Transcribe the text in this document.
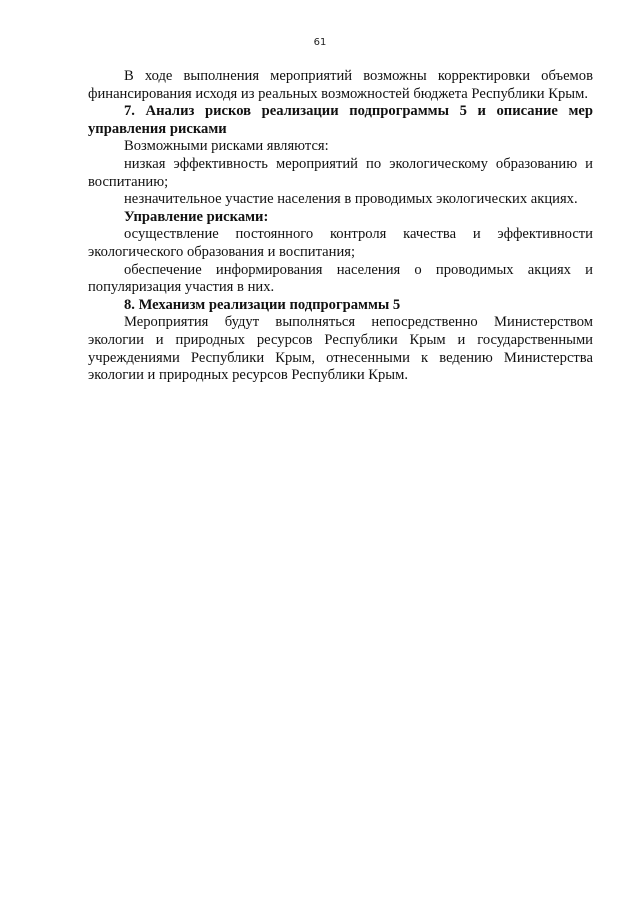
61

В ходе выполнения мероприятий возможны корректировки объемов финансирования исходя из реальных возможностей бюджета Республики Крым.

7. Анализ рисков реализации подпрограммы 5 и описание мер управления рисками

Возможными рисками являются:

низкая эффективность мероприятий по экологическому образованию и воспитанию;

незначительное участие населения в проводимых экологических акциях.

Управление рисками:

осуществление постоянного контроля качества и эффективности экологического образования и воспитания;

обеспечение информирования населения о проводимых акциях и популяризация участия в них.

8. Механизм реализации подпрограммы 5

Мероприятия будут выполняться непосредственно Министерством экологии и природных ресурсов Республики Крым и государственными учреждениями Республики Крым, отнесенными к ведению Министерства экологии и природных ресурсов Республики Крым.
